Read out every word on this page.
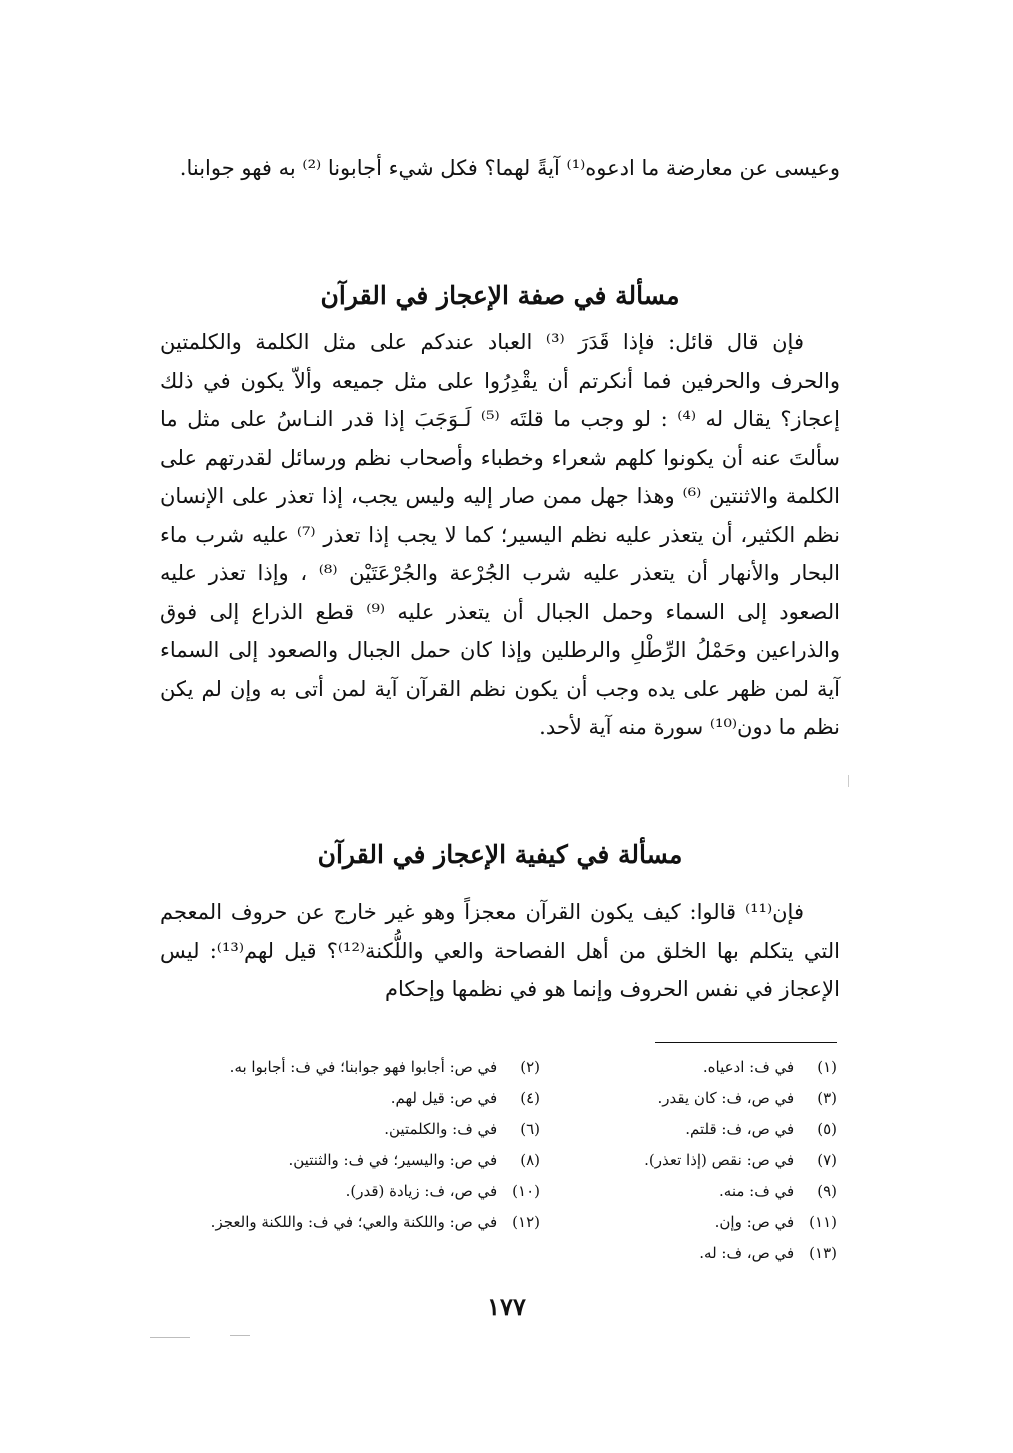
وعيسى عن معارضة ما ادعوه⁽¹⁾ آيةً لهما؟ فكل شيء أجابونا ⁽²⁾ به فهو جوابنا.
مسألة في صفة الإعجاز في القرآن
فإن قال قائل: فإذا قَدَرَ ⁽³⁾ العباد عندكم على مثل الكلمة والكلمتين والحرف والحرفين فما أنكرتم أن يقْدِرُوا على مثل جميعه وألاّ يكون في ذلك إعجاز؟ يقال له ⁽⁴⁾ : لو وجب ما قلتَه ⁽⁵⁾ لَـوَجَبَ إذا قدر النـاسُ على مثل ما سألتَ عنه أن يكونوا كلهم شعراء وخطباء وأصحاب نظم ورسائل لقدرتهم على الكلمة والاثنتين ⁽⁶⁾ وهذا جهل ممن صار إليه وليس يجب، إذا تعذر على الإنسان نظم الكثير، أن يتعذر عليه نظم اليسير؛ كما لا يجب إذا تعذر ⁽⁷⁾ عليه شرب ماء البحار والأنهار أن يتعذر عليه شرب الجُرْعة والجُرْعَتَيْن ⁽⁸⁾ ، وإذا تعذر عليه الصعود إلى السماء وحمل الجبال أن يتعذر عليه ⁽⁹⁾ قطع الذراع إلى فوق والذراعين وحَمْلُ الرِّطْلِ والرطلين وإذا كان حمل الجبال والصعود إلى السماء آية لمن ظهر على يده وجب أن يكون نظم القرآن آية لمن أتى به وإن لم يكن نظم ما دون⁽¹⁰⁾ سورة منه آية لأحد.
مسألة في كيفية الإعجاز في القرآن
فإن⁽¹¹⁾ قالوا: كيف يكون القرآن معجزاً وهو غير خارج عن حروف المعجم التي يتكلم بها الخلق من أهل الفصاحة والعي واللُّكنة⁽¹²⁾؟ قيل لهم⁽¹³⁾: ليس الإعجاز في نفس الحروف وإنما هو في نظمها وإحكام
(١) في ف: ادعياه.
(٣) في ص، ف: كان يقدر.
(٥) في ص، ف: قلتم.
(٧) في ص: نقص (إذا تعذر).
(٩) في ف: منه.
(١١) في ص: وإن.
(١٣) في ص، ف: له.
(٢) في ص: أجابوا فهو جوابنا؛ في ف: أجابوا به.
(٤) في ص: قيل لهم.
(٦) في ف: والكلمتين.
(٨) في ص: واليسير؛ في ف: والثنتين.
(١٠) في ص، ف: زيادة (قدر).
(١٢) في ص: واللكنة والعي؛ في ف: واللكنة والعجز.
١٧٧
